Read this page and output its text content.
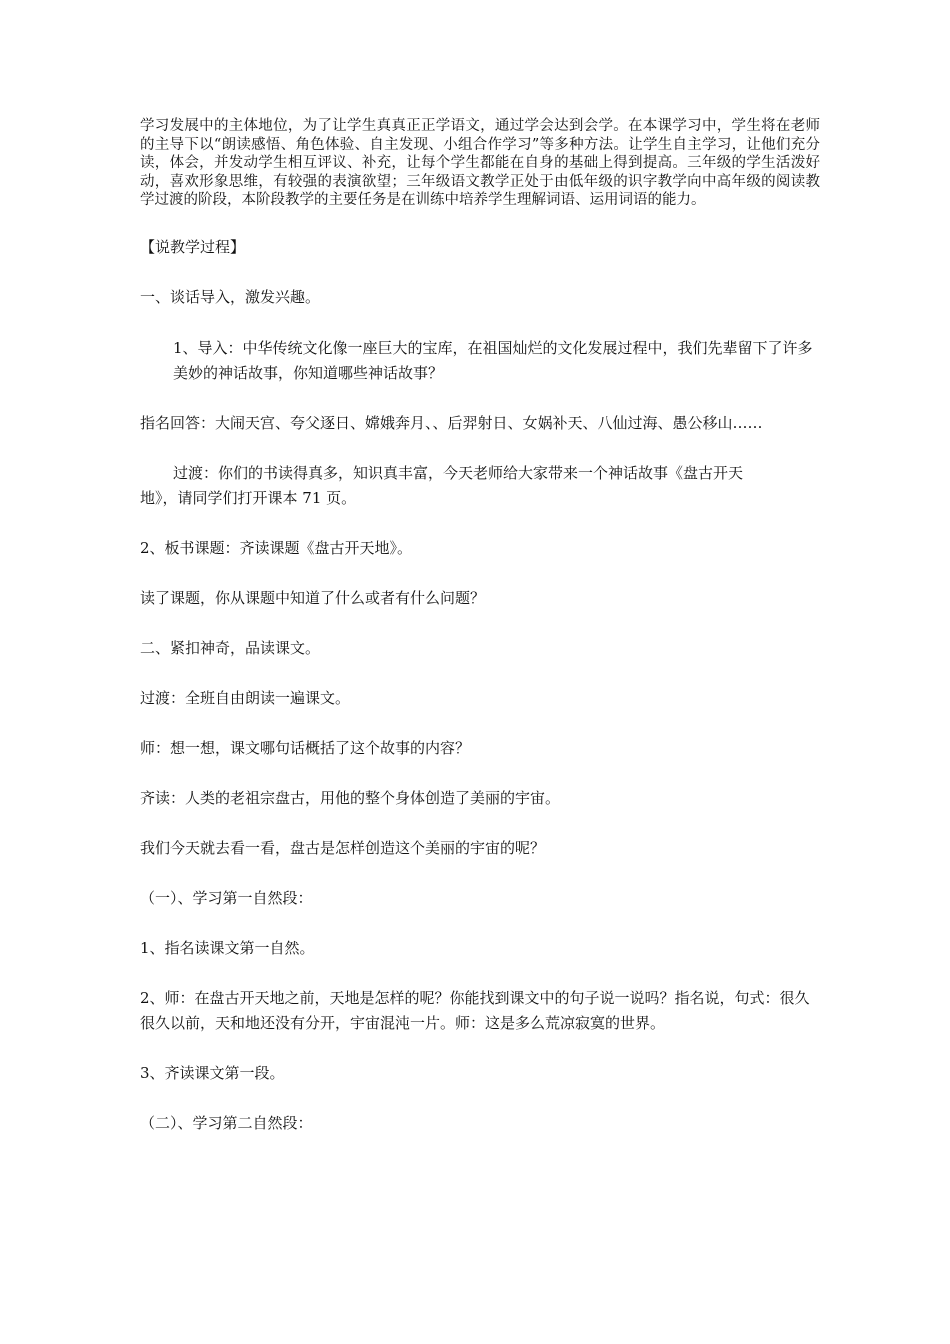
学习发展中的主体地位，为了让学生真真正正学语文，通过学会达到会学。在本课学习中，学生将在老师的主导下以“朗读感悟、角色体验、自主发现、小组合作学习”等多种方法。让学生自主学习，让他们充分读，体会，并发动学生相互评议、补充，让每个学生都能在自身的基础上得到提高。三年级的学生活泼好动，喜欢形象思维，有较强的表演欲望；三年级语文教学正处于由低年级的识字教学向中高年级的阅读教学过渡的阶段，本阶段教学的主要任务是在训练中培养学生理解词语、运用词语的能力。

【说教学过程】

一、谈话导入，激发兴趣。

1、导入：中华传统文化像一座巨大的宝库，在祖国灿烂的文化发展过程中，我们先辈留下了许多美妙的神话故事，你知道哪些神话故事？

指名回答：大闹天宫、夸父逐日、嫦娥奔月、、后羿射日、女娲补天、八仙过海、愚公移山……

过渡：你们的书读得真多，知识真丰富，今天老师给大家带来一个神话故事《盘古开天

地》，请同学们打开课本 71 页。

2、板书课题：齐读课题《盘古开天地》。

读了课题，你从课题中知道了什么或者有什么问题？

二、紧扣神奇，品读课文。

过渡：全班自由朗读一遍课文。

师：想一想，课文哪句话概括了这个故事的内容？

齐读：人类的老祖宗盘古，用他的整个身体创造了美丽的宇宙。

我们今天就去看一看，盘古是怎样创造这个美丽的宇宙的呢？

（一）、学习第一自然段：

1、指名读课文第一自然。

2、师：在盘古开天地之前，天地是怎样的呢？你能找到课文中的句子说一说吗？指名说，句式：很久很久以前，天和地还没有分开，宇宙混沌一片。师：这是多么荒凉寂寞的世界。

3、齐读课文第一段。

（二）、学习第二自然段：
